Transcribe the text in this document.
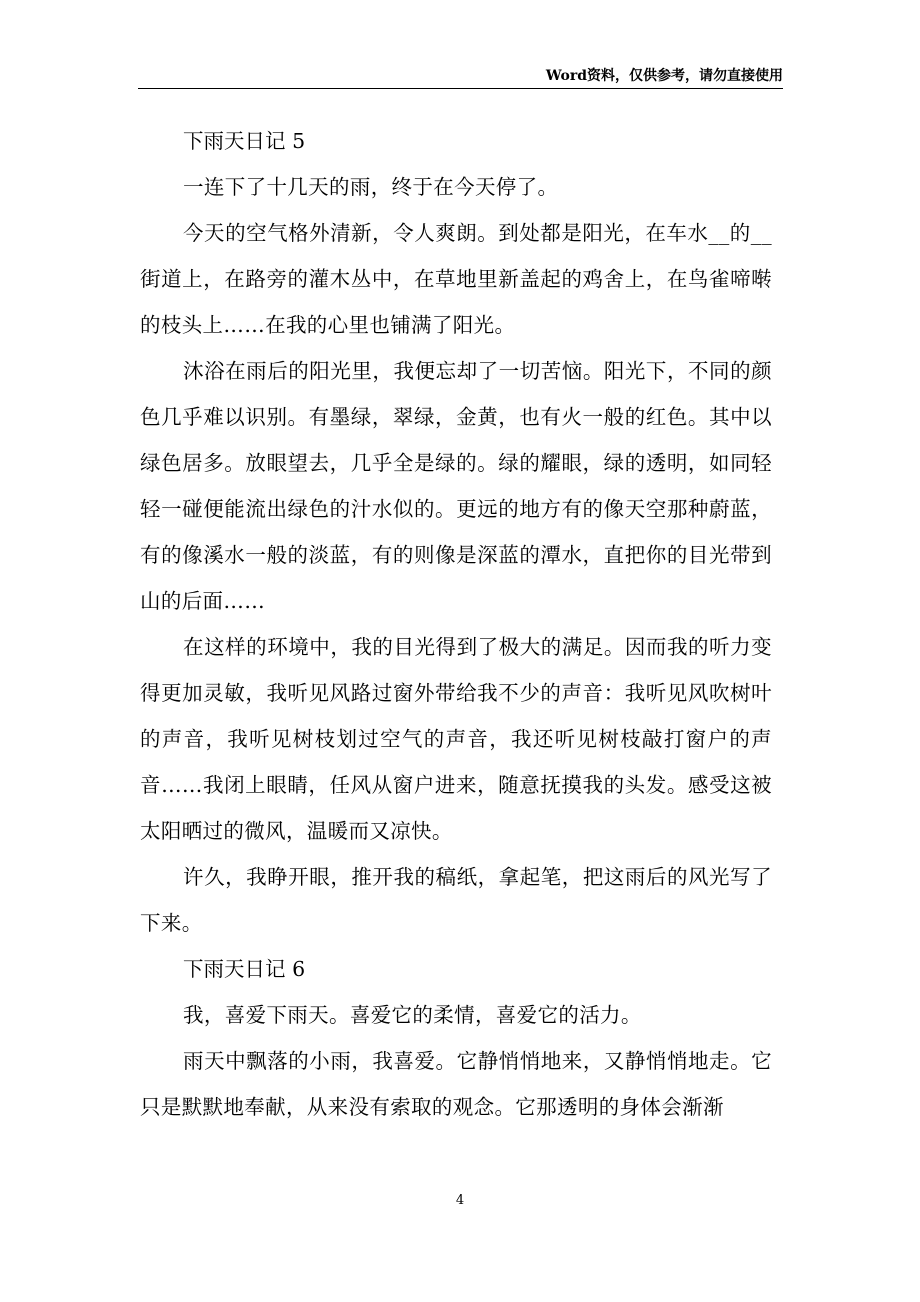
Word资料，仅供参考，请勿直接使用

下雨天日记 5

一连下了十几天的雨，终于在今天停了。

今天的空气格外清新，令人爽朗。到处都是阳光，在车水__的__街道上，在路旁的灌木丛中，在草地里新盖起的鸡舍上，在鸟雀啼啭的枝头上……在我的心里也铺满了阳光。

沐浴在雨后的阳光里，我便忘却了一切苦恼。阳光下，不同的颜色几乎难以识别。有墨绿，翠绿，金黄，也有火一般的红色。其中以绿色居多。放眼望去，几乎全是绿的。绿的耀眼，绿的透明，如同轻轻一碰便能流出绿色的汁水似的。更远的地方有的像天空那种蔚蓝，有的像溪水一般的淡蓝，有的则像是深蓝的潭水，直把你的目光带到山的后面……

在这样的环境中，我的目光得到了极大的满足。因而我的听力变得更加灵敏，我听见风路过窗外带给我不少的声音：我听见风吹树叶的声音，我听见树枝划过空气的声音，我还听见树枝敲打窗户的声音……我闭上眼睛，任风从窗户进来，随意抚摸我的头发。感受这被太阳晒过的微风，温暖而又凉快。

许久，我睁开眼，推开我的稿纸，拿起笔，把这雨后的风光写了下来。

下雨天日记 6

我，喜爱下雨天。喜爱它的柔情，喜爱它的活力。

雨天中飘落的小雨，我喜爱。它静悄悄地来，又静悄悄地走。它只是默默地奉献，从来没有索取的观念。它那透明的身体会渐渐

4
